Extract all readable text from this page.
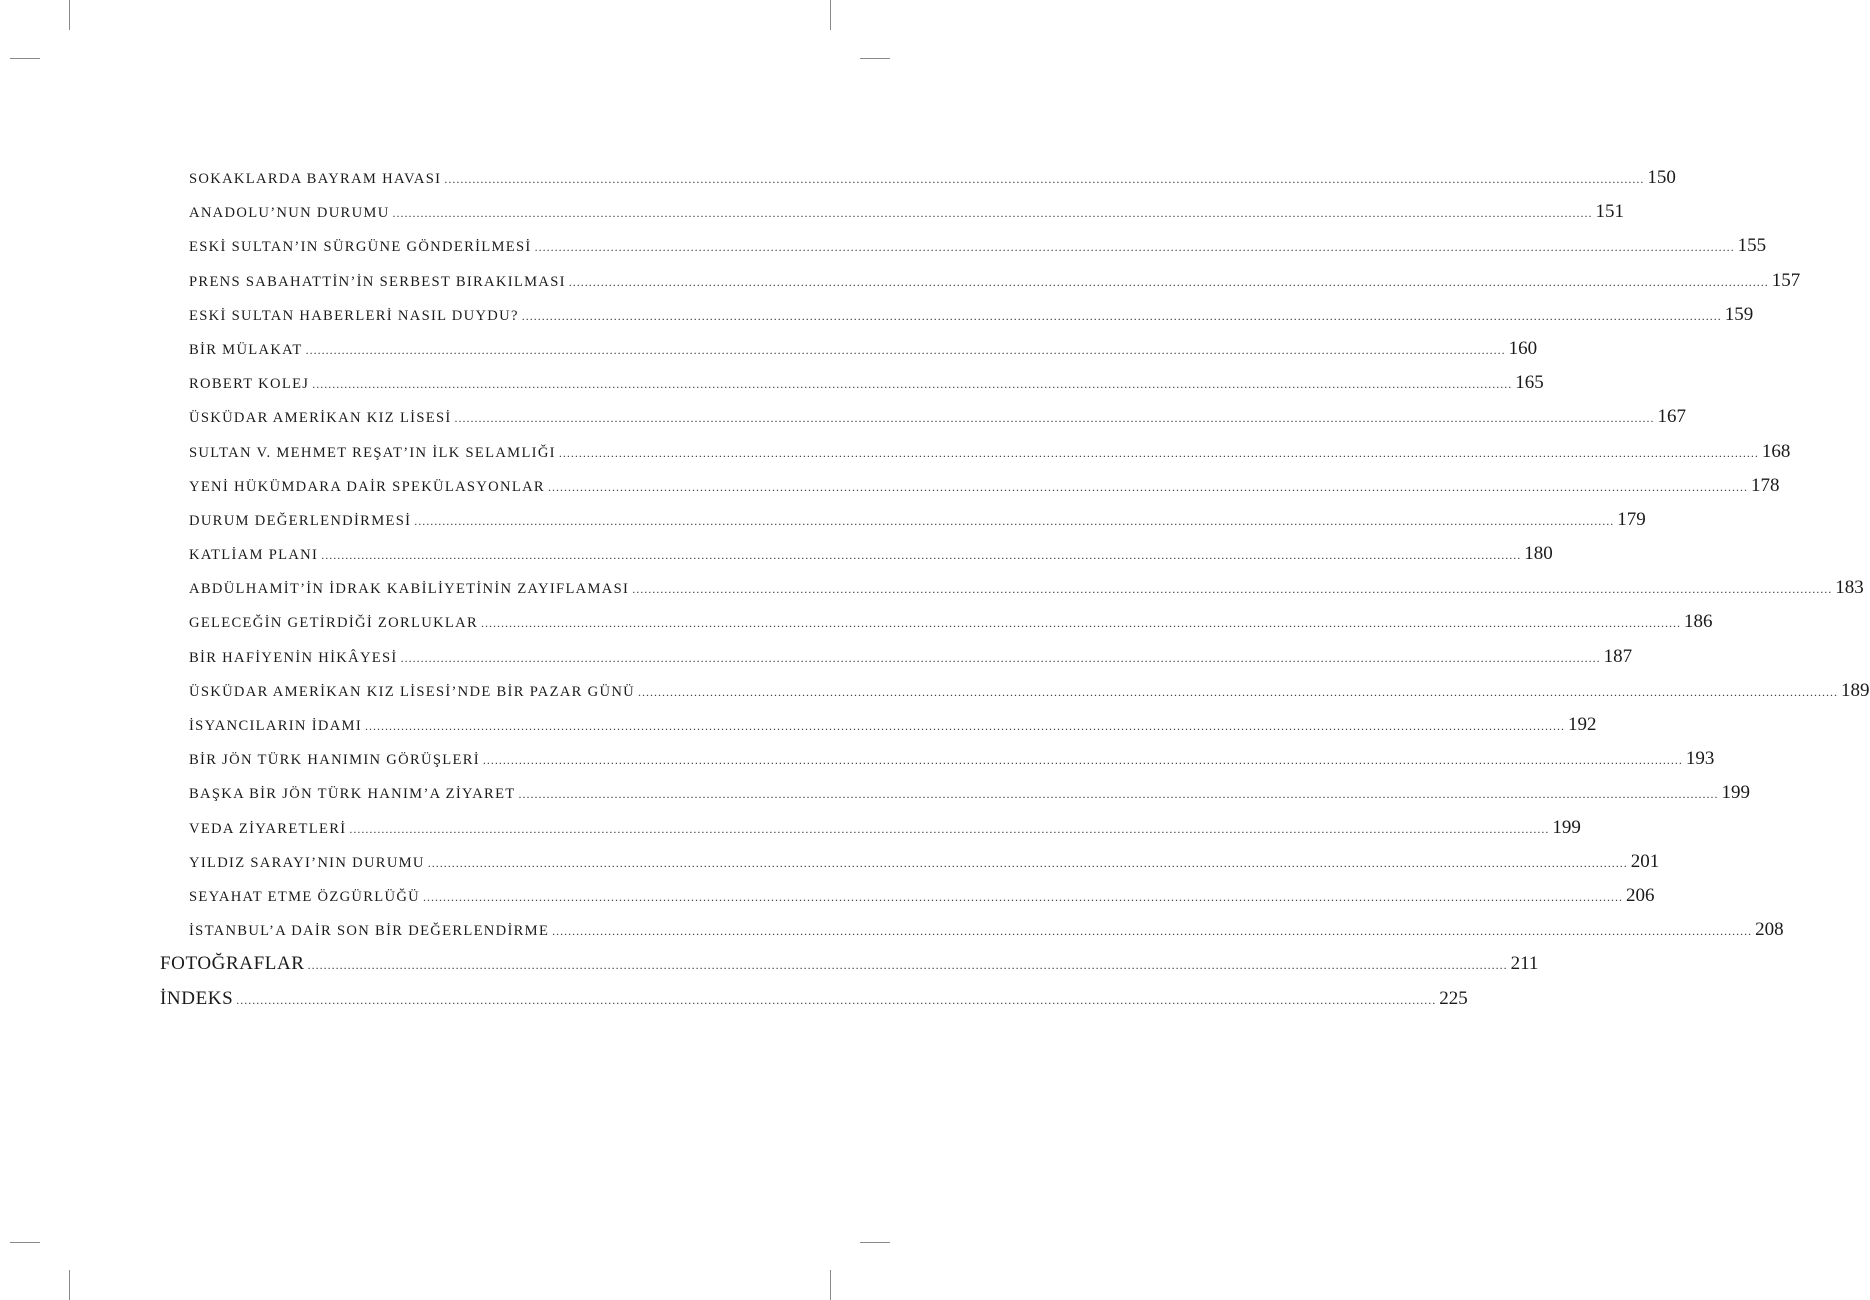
SOKAKLARDA BAYRAM HAVASI ............................................................................................................................................................................................................................................................................................................ 150
ANADOLU’NUN DURUMU ............................................................................................................................................................................................................................................................................................................ 151
ESKİ SULTAN’IN SÜRGÜNE GÖNDERİLMESİ ............................................................................................................................................................................................................................................................................................................ 155
PRENS SABAHATTİN’İN SERBEST BIRAKILMASI ............................................................................................................................................................................................................................................................................................................ 157
ESKİ SULTAN HABERLERİ NASIL DUYDU? ............................................................................................................................................................................................................................................................................................................ 159
BİR MÜLAKAT ............................................................................................................................................................................................................................................................................................................ 160
ROBERT KOLEJ ............................................................................................................................................................................................................................................................................................................ 165
ÜSKÜDAR AMERİKAN KIZ LİSESİ ............................................................................................................................................................................................................................................................................................................ 167
SULTAN V. MEHMET REŞAT’IN İLK SELAMLIĞI ............................................................................................................................................................................................................................................................................................................ 168
YENİ HÜKÜMDARA DAİR SPEKÜLASYONLAR ............................................................................................................................................................................................................................................................................................................ 178
DURUM DEĞERLENDİRMESİ ............................................................................................................................................................................................................................................................................................................ 179
KATLİAM PLANI ............................................................................................................................................................................................................................................................................................................ 180
ABDÜLHAMİT’İN İDRAK KABİLİYETİNİN ZAYIFLAMASI ............................................................................................................................................................................................................................................................................................................ 183
GELECEĞİN GETİRDİĞİ ZORLUKLAR ............................................................................................................................................................................................................................................................................................................ 186
BİR HAFİYENİN HİKÂYESİ ............................................................................................................................................................................................................................................................................................................ 187
ÜSKÜDAR AMERİKAN KIZ LİSESİ’NDE BİR PAZAR GÜNÜ ............................................................................................................................................................................................................................................................................................................ 189
İSYANCILARIN İDAMI ............................................................................................................................................................................................................................................................................................................ 192
BİR JÖN TÜRK HANIMIN GÖRÜŞLERİ ............................................................................................................................................................................................................................................................................................................ 193
BAŞKA BİR JÖN TÜRK HANIM’A ZİYARET ............................................................................................................................................................................................................................................................................................................ 199
VEDA ZİYARETLERİ ............................................................................................................................................................................................................................................................................................................ 199
YILDIZ SARAYI’NIN DURUMU ............................................................................................................................................................................................................................................................................................................ 201
SEYAHAT ETME ÖZGÜRLÜĞÜ ............................................................................................................................................................................................................................................................................................................ 206
İSTANBUL’A DAİR SON BİR DEĞERLENDİRME ............................................................................................................................................................................................................................................................................................................ 208
FOTOĞRAFLAR ............................................................................................................................................................................................................................................................................................................ 211
İNDEKS ............................................................................................................................................................................................................................................................................................................ 225
